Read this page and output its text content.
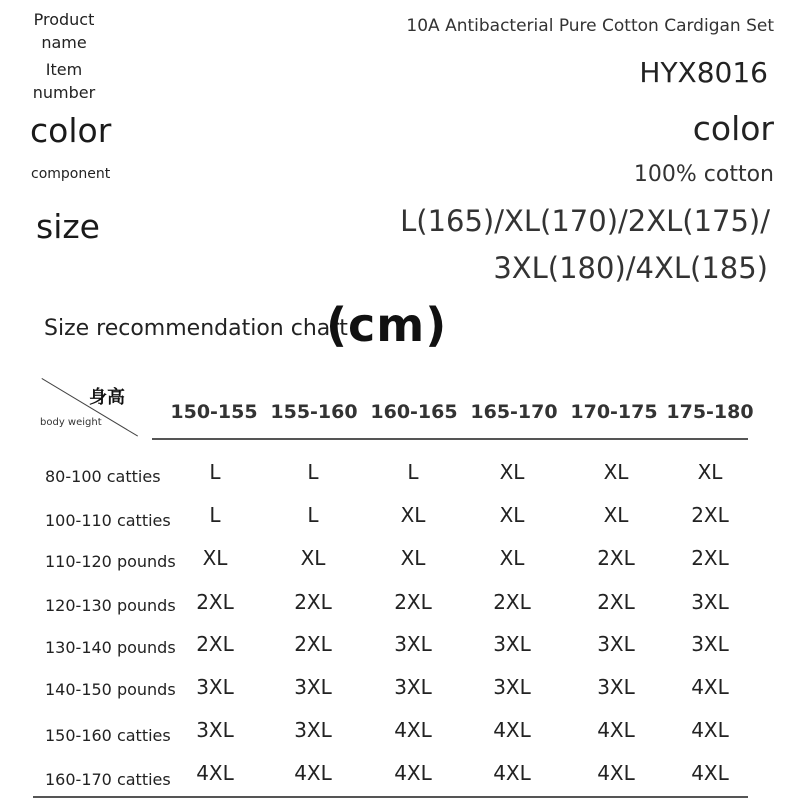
Product
name
10A Antibacterial Pure Cotton Cardigan Set
Item
number
HYX8016
color	color
component	100% cotton
size	L(165)/XL(170)/2XL(175)/
3XL(180)/4XL(185)
Size recommendation chart
(cm)
身高
body weight	150-155 155-160 160-165 165-170 170-175 175-180
80-100 catties	L	L	L	XL	XL	XL
100-110 catties	L	L	XL	XL	XL	2XL
110-120 pounds	XL	XL	XL	XL	2XL	2XL
120-130 pounds	2XL	2XL	2XL	2XL	2XL	3XL
130-140 pounds	2XL	2XL	3XL	3XL	3XL	3XL
140-150 pounds	3XL	3XL	3XL	3XL	3XL	4XL
150-160 catties	3XL	3XL	4XL	4XL	4XL	4XL
160-170 catties	4XL	4XL	4XL	4XL	4XL	4XL
